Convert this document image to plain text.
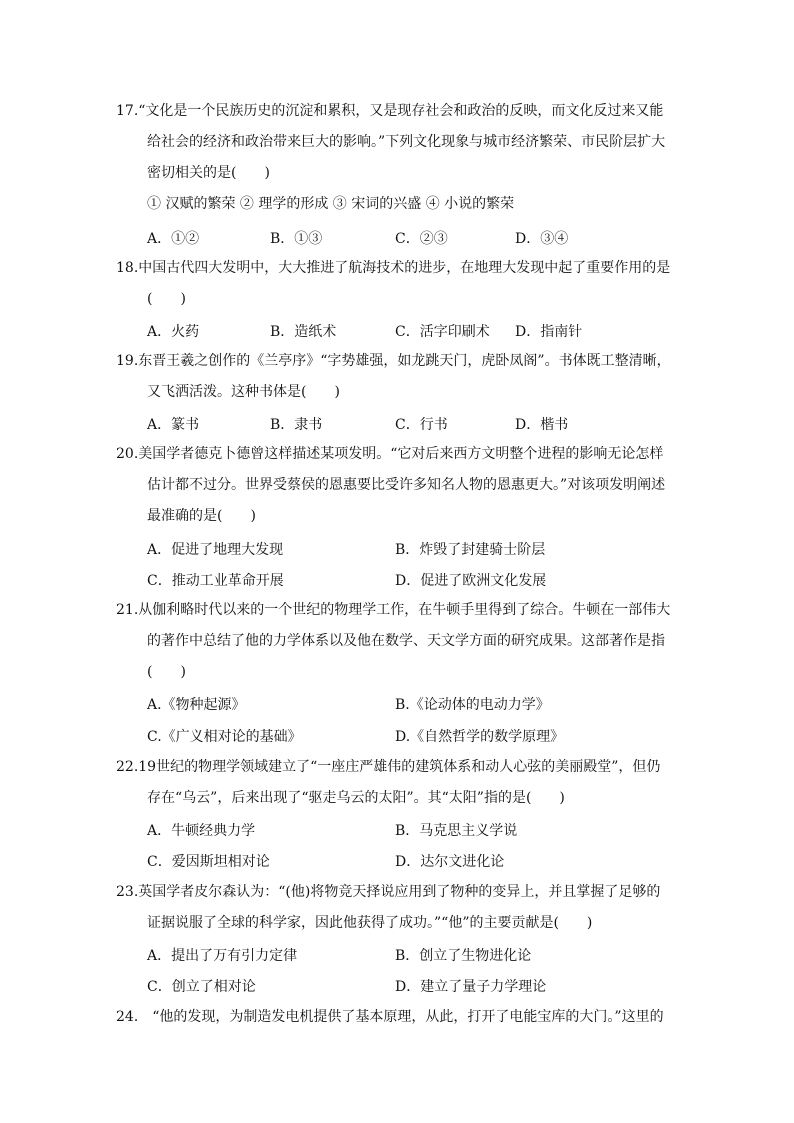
17.“文化是一个民族历史的沉淀和累积，又是现存社会和政治的反映，而文化反过来又能
给社会的经济和政治带来巨大的影响。”下列文化现象与城市经济繁荣、市民阶层扩大
密切相关的是(　　)
① 汉赋的繁荣 ② 理学的形成 ③ 宋词的兴盛 ④ 小说的繁荣
A．①②	B．①③	C．②③	D．③④
18.中国古代四大发明中，大大推进了航海技术的进步，在地理大发现中起了重要作用的是
(　　)
A．火药	B．造纸术	C．活字印刷术 D．指南针
19.东晋王羲之创作的《兰亭序》“字势雄强，如龙跳天门，虎卧凤阁”。书体既工整清晰，
又飞洒活泼。这种书体是(　　)
A．篆书	B．隶书	C．行书	D．楷书
20.美国学者德克卜德曾这样描述某项发明。“它对后来西方文明整个进程的影响无论怎样
估计都不过分。世界受蔡侯的恩惠要比受许多知名人物的恩惠更大。”对该项发明阐述
最准确的是(　　)
A．促进了地理大发现	B．炸毁了封建骑士阶层
C．推动工业革命开展	D．促进了欧洲文化发展
21.从伽利略时代以来的一个世纪的物理学工作，在牛顿手里得到了综合。牛顿在一部伟大
的著作中总结了他的力学体系以及他在数学、天文学方面的研究成果。这部著作是指
(　　)
A.《物种起源》	B.《论动体的电动力学》
C.《广义相对论的基础》	D.《自然哲学的数学原理》
22.19世纪的物理学领域建立了“一座庄严雄伟的建筑体系和动人心弦的美丽殿堂”，但仍
存在“乌云”，后来出现了“驱走乌云的太阳”。其“太阳”指的是(　　)
A．牛顿经典力学	B．马克思主义学说
C．爱因斯坦相对论	D．达尔文进化论
23.英国学者皮尔森认为：“(他)将物竞天择说应用到了物种的变异上，并且掌握了足够的
证据说服了全球的科学家，因此他获得了成功。”“他”的主要贡献是(　　)
A．提出了万有引力定律	B．创立了生物进化论
C．创立了相对论	D．建立了量子力学理论
24． “他的发现，为制造发电机提供了基本原理，从此，打开了电能宝库的大门。”这里的
